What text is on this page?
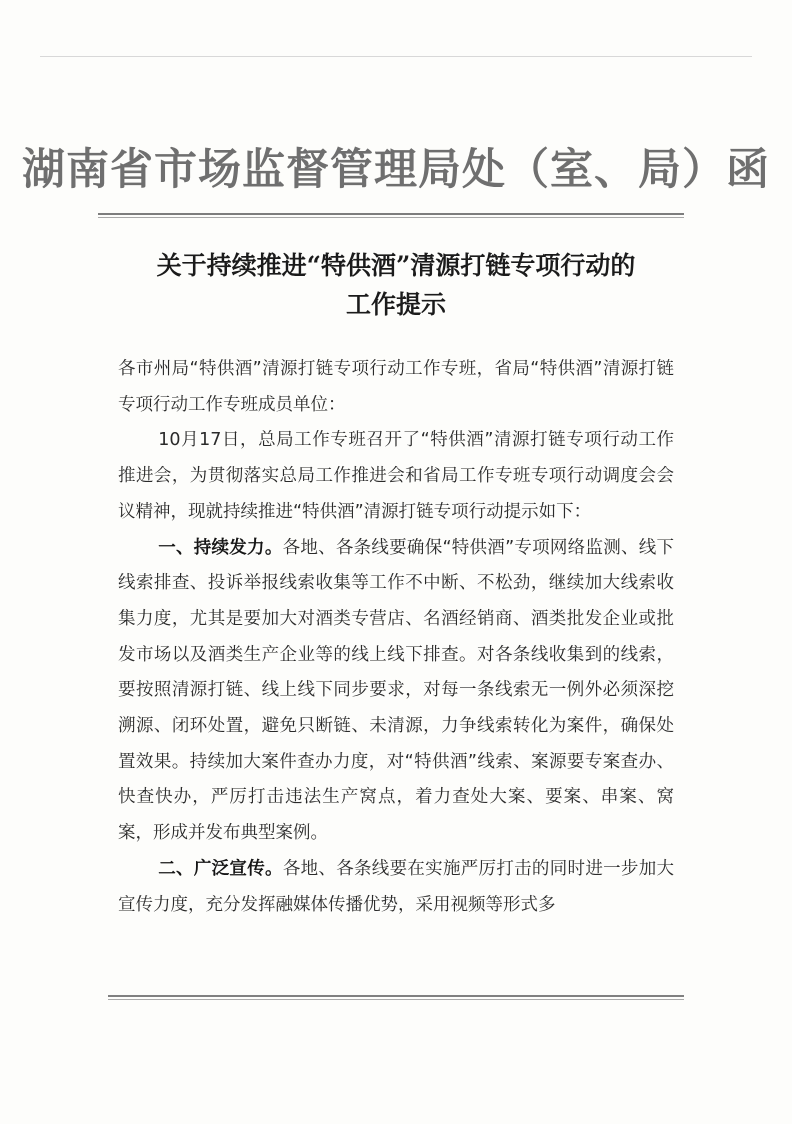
湖南省市场监督管理局处（室、局）函
关于持续推进“特供酒”清源打链专项行动的
工作提示

各市州局“特供酒”清源打链专项行动工作专班，省局“特供酒”清源打链专项行动工作专班成员单位：

10月17日，总局工作专班召开了“特供酒”清源打链专项行动工作推进会，为贯彻落实总局工作推进会和省局工作专班专项行动调度会会议精神，现就持续推进“特供酒”清源打链专项行动提示如下：

一、持续发力。各地、各条线要确保“特供酒”专项网络监测、线下线索排查、投诉举报线索收集等工作不中断、不松劲，继续加大线索收集力度，尤其是要加大对酒类专营店、名酒经销商、酒类批发企业或批发市场以及酒类生产企业等的线上线下排查。对各条线收集到的线索，要按照清源打链、线上线下同步要求，对每一条线索无一例外必须深挖溯源、闭环处置，避免只断链、未清源，力争线索转化为案件，确保处置效果。持续加大案件查办力度，对“特供酒”线索、案源要专案查办、快查快办，严厉打击违法生产窝点，着力查处大案、要案、串案、窝案，形成并发布典型案例。

二、广泛宣传。各地、各条线要在实施严厉打击的同时进一步加大宣传力度，充分发挥融媒体传播优势，采用视频等形式多
